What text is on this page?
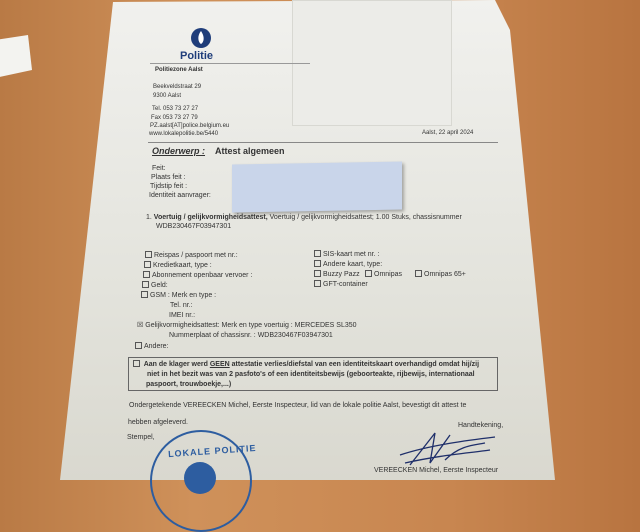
Politie
Politiezone Aalst
Beekveldstraat 29
9300 Aalst
Tel. 053 73 27 27
Fax 053 73 27 79
PZ.aalst[AT]police.belgium.eu
www.lokalepolitie.be/5440	Aalst, 22 april 2024
Onderwerp : Attest algemeen
Feit:
Plaats feit :
Tijdstip feit :
Identiteit aanvrager:
1. Voertuig / gelijkvormigheidsattest, Voertuig / gelijkvormigheidsattest; 1.00 Stuks, chassisnummer
WDB230467F03947301
Reispas / paspoort met nr.:
Kredietkaart, type :
Abonnement openbaar vervoer :
Geld:
GSM : Merk en type :
Tel. nr.:
IMEI nr.:
SIS-kaart met nr. :
Andere kaart, type:
Buzzy Pazz	Omnipas	Omnipas 65+
GFT-container
☒ Gelijkvormigheidsattest: Merk en type voertuig : MERCEDES SL350
Nummerplaat of chassisnr. : WDB230467F03947301
Andere:
Aan de klager werd GEEN attestatie verlies/diefstal van een identiteitskaart overhandigd omdat hij/zij
niet in het bezit was van 2 pasfoto's of een identiteitsbewijs (geboorteakte, rijbewijs, internationaal
paspoort, trouwboekje,...)
Ondergetekende VEREECKEN Michel, Eerste Inspecteur, lid van de lokale politie Aalst, bevestigt dit attest te
hebben afgeleverd.
Stempel,
LOKALE POLITIE
Handtekening,
VEREECKEN Michel, Eerste Inspecteur
